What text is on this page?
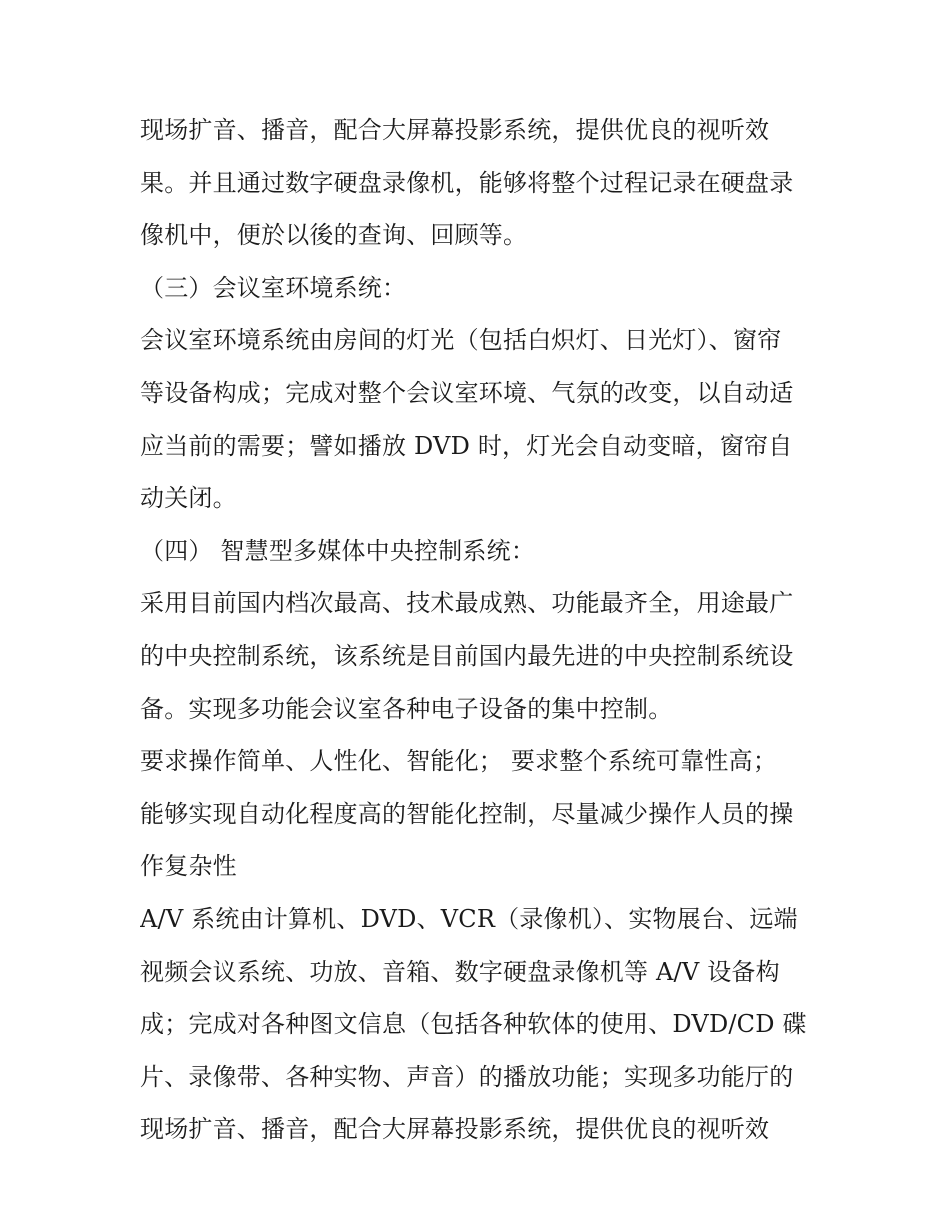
现场扩音、播音，配合大屏幕投影系统，提供优良的视听效
果。并且通过数字硬盘录像机，能够将整个过程记录在硬盘录
像机中，便於以後的查询、回顾等。
（三）会议室环境系统：
会议室环境系统由房间的灯光（包括白炽灯、日光灯）、窗帘
等设备构成；完成对整个会议室环境、气氛的改变，以自动适
应当前的需要；譬如播放 DVD 时，灯光会自动变暗，窗帘自
动关闭。
（四） 智慧型多媒体中央控制系统：
采用目前国内档次最高、技术最成熟、功能最齐全，用途最广
的中央控制系统，该系统是目前国内最先进的中央控制系统设
备。实现多功能会议室各种电子设备的集中控制。
要求操作简单、人性化、智能化； 要求整个系统可靠性高；
能够实现自动化程度高的智能化控制，尽量减少操作人员的操
作复杂性
A/V 系统由计算机、DVD、VCR（录像机）、实物展台、远端
视频会议系统、功放、音箱、数字硬盘录像机等 A/V 设备构
成；完成对各种图文信息（包括各种软体的使用、DVD/CD 碟
片、录像带、各种实物、声音）的播放功能；实现多功能厅的
现场扩音、播音，配合大屏幕投影系统，提供优良的视听效
